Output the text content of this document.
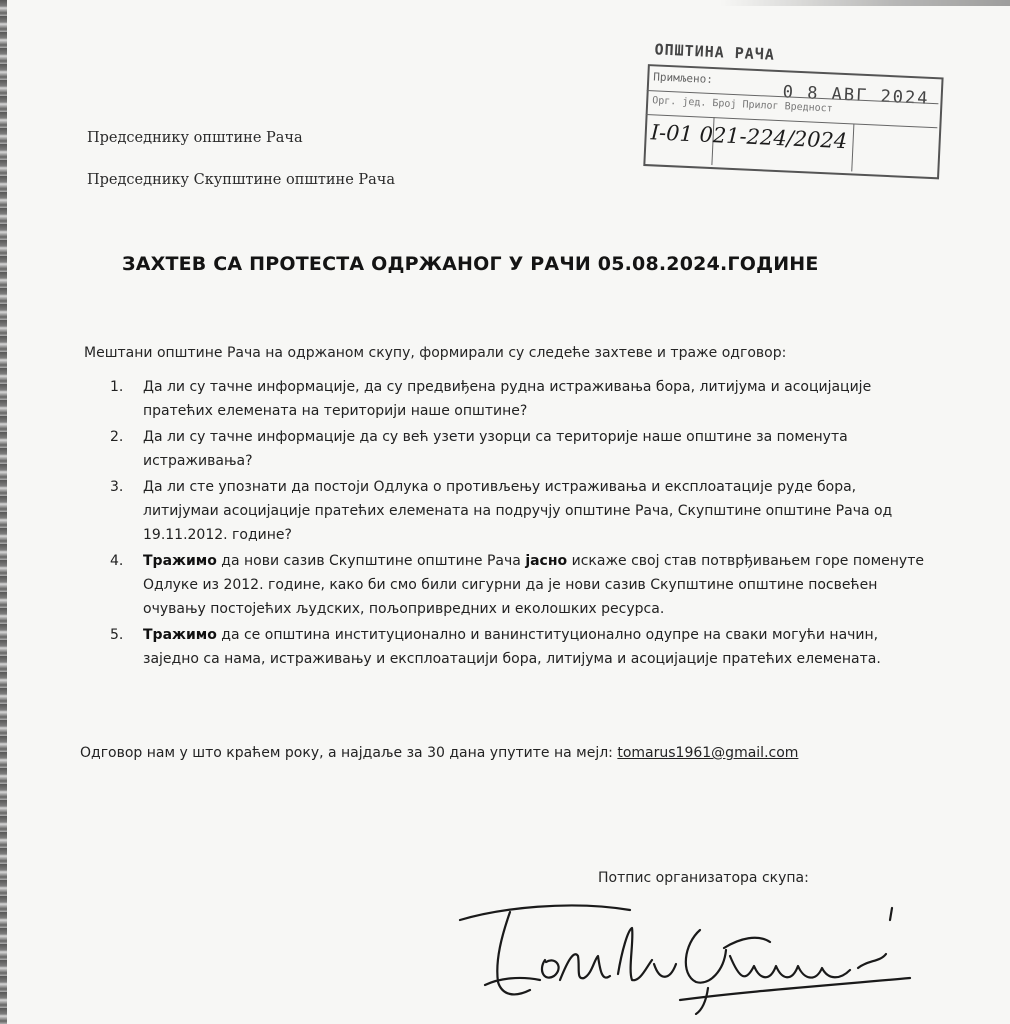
ОПШТИНА РАЧА
Примљено:
0 8 АВГ 2024
Орг. јед. Број Прилог Вредност
I-01 021-224/2024
Председнику општине Рача
Председнику Скупштине општине Рача
ЗАХТЕВ СА ПРОТЕСТА ОДРЖАНОГ У РАЧИ 05.08.2024.ГОДИНЕ
Мештани општине Рача на одржаном скупу, формирали су следеће захтеве и траже одговор:
1. Да ли су тачне информације, да су предвиђена рудна истраживања бора, литијума и асоцијације пратећих елемената на територији наше општине?
2. Да ли су тачне информације да су већ узети узорци са територије наше општине за поменута истраживања?
3. Да ли сте упознати да постоји Одлука о противљењу истраживања и експлоатације руде бора, литијумаи асоцијације пратећих елемената на подручју општине Рача, Скупштине општине Рача од 19.11.2012. године?
4. Тражимо да нови сазив Скупштине општине Рача јасно искаже свој став потврђивањем горе поменуте Одлуке из 2012. године, како би смо били сигурни да је нови сазив Скупштине општине посвећен очувању постојећих људских, пољопривредних и еколошких ресурса.
5. Тражимо да се општина институционално и ванинституционално одупре на сваки могући начин, заједно са нама, истраживању и експлоатацији бора, литијума и асоцијације пратећих елемената.
Одговор нам у што краћем року, а најдаље за 30 дана упутите на мејл: tomarus1961@gmail.com
Потпис организатора скупа:
